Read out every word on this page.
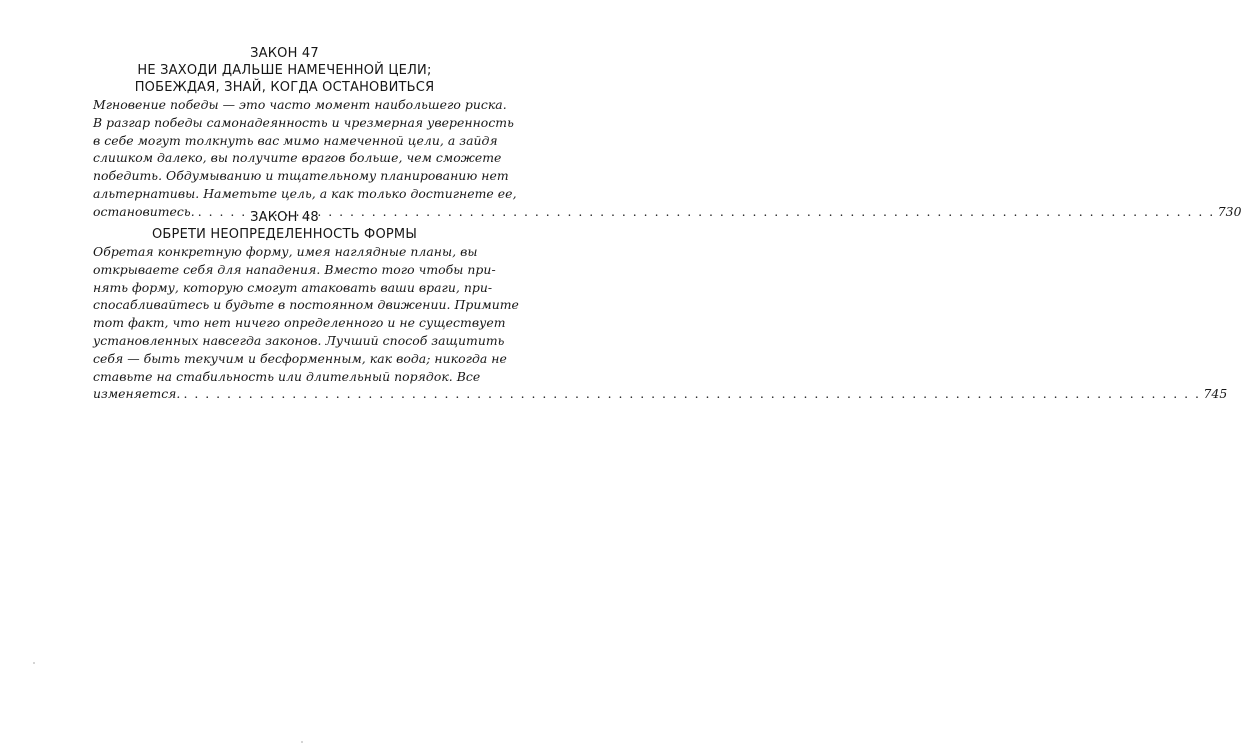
ЗАКОН 47
НЕ ЗАХОДИ ДАЛЬШЕ НАМЕЧЕННОЙ ЦЕЛИ;
ПОБЕЖДАЯ, ЗНАЙ, КОГДА ОСТАНОВИТЬСЯ

Мгновение победы — это часто момент наибольшего риска.
В разгар победы самонадеянность и чрезмерная уверенность
в себе могут толкнуть вас мимо намеченной цели, а зайдя
слишком далеко, вы получите врагов больше, чем сможете
победить. Обдумыванию и тщательному планированию нет
альтернативы. Наметьте цель, а как только достигнете ее,
остановитесь. . . .	730

ЗАКОН 48
ОБРЕТИ НЕОПРЕДЕЛЕННОСТЬ ФОРМЫ

Обретая конкретную форму, имея наглядные планы, вы
открываете себя для нападения. Вместо того чтобы при-
нять форму, которую смогут атаковать ваши враги, при-
спосабливайтесь и будьте в постоянном движении. Примите
тот факт, что нет ничего определенного и не существует
установленных навсегда законов. Лучший способ защитить
себя — быть текучим и бесформенным, как вода; никогда не
ставьте на стабильность или длительный порядок. Все
изменяется. . . .	745
